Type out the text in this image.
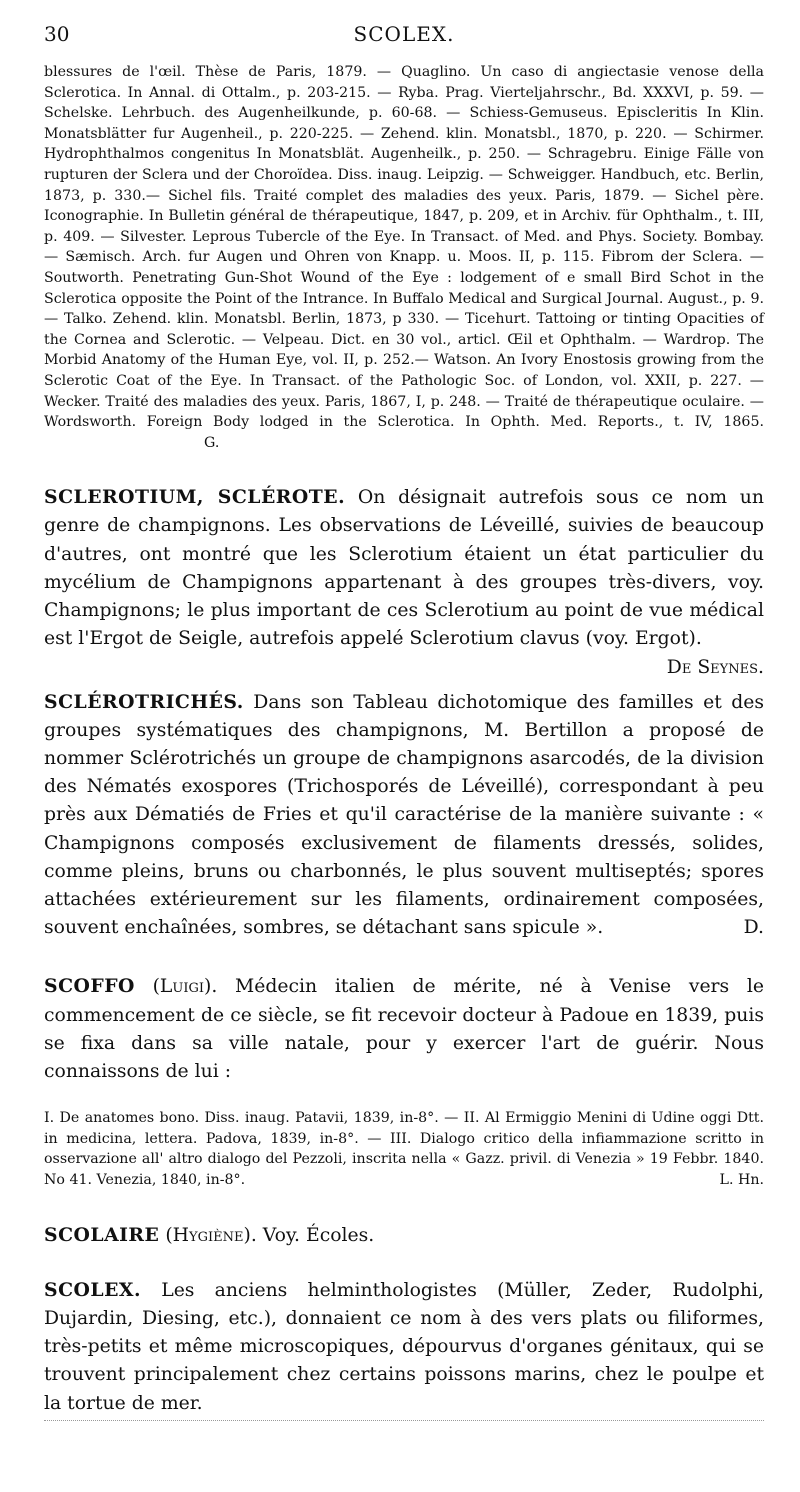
30	SCOLEX.

blessures de l'œil. Thèse de Paris, 1879. — Quaglino. Un caso di angiectasie venose della Sclerotica. In Annal. di Ottalm., p. 203-215. — Ryba. Prag. Vierteljahrschr., Bd. XXXVI, p. 59. — Schelske. Lehrbuch. des Augenheilkunde, p. 60-68. — Schiess-Gemuseus. Episcleritis In Klin. Monatsblätter fur Augenheil., p. 220-225. — Zehend. klin. Monatsbl., 1870, p. 220. — Schirmer. Hydrophthalmos congenitus In Monatsblät. Augenheilk., p. 250. — Schragebru. Einige Fälle von rupturen der Sclera und der Choroïdea. Diss. inaug. Leipzig. — Schweigger. Handbuch, etc. Berlin, 1873, p. 330.— Sichel fils. Traité complet des maladies des yeux. Paris, 1879. — Sichel père. Iconographie. In Bulletin général de thérapeutique, 1847, p. 209, et in Archiv. für Ophthalm., t. III, p. 409. — Silvester. Leprous Tubercle of the Eye. In Transact. of Med. and Phys. Society. Bombay. — Sæmisch. Arch. fur Augen und Ohren von Knapp. u. Moos. II, p. 115. Fibrom der Sclera. — Soutworth. Penetrating Gun-Shot Wound of the Eye : lodgement of e small Bird Schot in the Sclerotica opposite the Point of the Intrance. In Buffalo Medical and Surgical Journal. August., p. 9. — Talko. Zehend. klin. Monatsbl. Berlin, 1873, p 330. — Ticehurt. Tattoing or tinting Opacities of the Cornea and Sclerotic. — Velpeau. Dict. en 30 vol., articl. Œil et Ophthalm. — Wardrop. The Morbid Anatomy of the Human Eye, vol. II, p. 252.— Watson. An Ivory Enostosis growing from the Sclerotic Coat of the Eye. In Transact. of the Pathologic Soc. of London, vol. XXII, p. 227. — Wecker. Traité des maladies des yeux. Paris, 1867, I, p. 248. — Traité de thérapeutique oculaire. — Wordsworth. Foreign Body lodged in the Sclerotica. In Ophth. Med. Reports., t. IV, 1865. G.

SCLEROTIUM, SCLÉROTE. On désignait autrefois sous ce nom un genre de champignons. Les observations de Léveillé, suivies de beaucoup d'autres, ont montré que les Sclerotium étaient un état particulier du mycélium de Champignons appartenant à des groupes très-divers, voy. Champignons; le plus important de ces Sclerotium au point de vue médical est l'Ergot de Seigle, autrefois appelé Sclerotium clavus (voy. Ergot).
De Seynes.

SCLÉROTRICHÉS. Dans son Tableau dichotomique des familles et des groupes systématiques des champignons, M. Bertillon a proposé de nommer Sclérotrichés un groupe de champignons asarcodés, de la division des Nématés exospores (Trichosporés de Léveillé), correspondant à peu près aux Dématiés de Fries et qu'il caractérise de la manière suivante : « Champignons composés exclusivement de filaments dressés, solides, comme pleins, bruns ou charbonnés, le plus souvent multiseptés; spores attachées extérieurement sur les filaments, ordinairement composées, souvent enchaînées, sombres, se détachant sans spicule ».	D.

SCOFFO (Luigi). Médecin italien de mérite, né à Venise vers le commencement de ce siècle, se fit recevoir docteur à Padoue en 1839, puis se fixa dans sa ville natale, pour y exercer l'art de guérir. Nous connaissons de lui :

I. De anatomes bono. Diss. inaug. Patavii, 1839, in-8°. — II. Al Ermiggio Menini di Udine oggi Dtt. in medicina, lettera. Padova, 1839, in-8°. — III. Dialogo critico della infiammazione scritto in osservazione all' altro dialogo del Pezzoli, inscrita nella « Gazz. privil. di Venezia » 19 Febbr. 1840. No 41. Venezia, 1840, in-8°.	L. Hn.

SCOLAIRE (Hygiène). Voy. Écoles.

SCOLEX. Les anciens helminthologistes (Müller, Zeder, Rudolphi, Dujardin, Diesing, etc.), donnaient ce nom à des vers plats ou filiformes, très-petits et même microscopiques, dépourvus d'organes génitaux, qui se trouvent principalement chez certains poissons marins, chez le poulpe et la tortue de mer.
